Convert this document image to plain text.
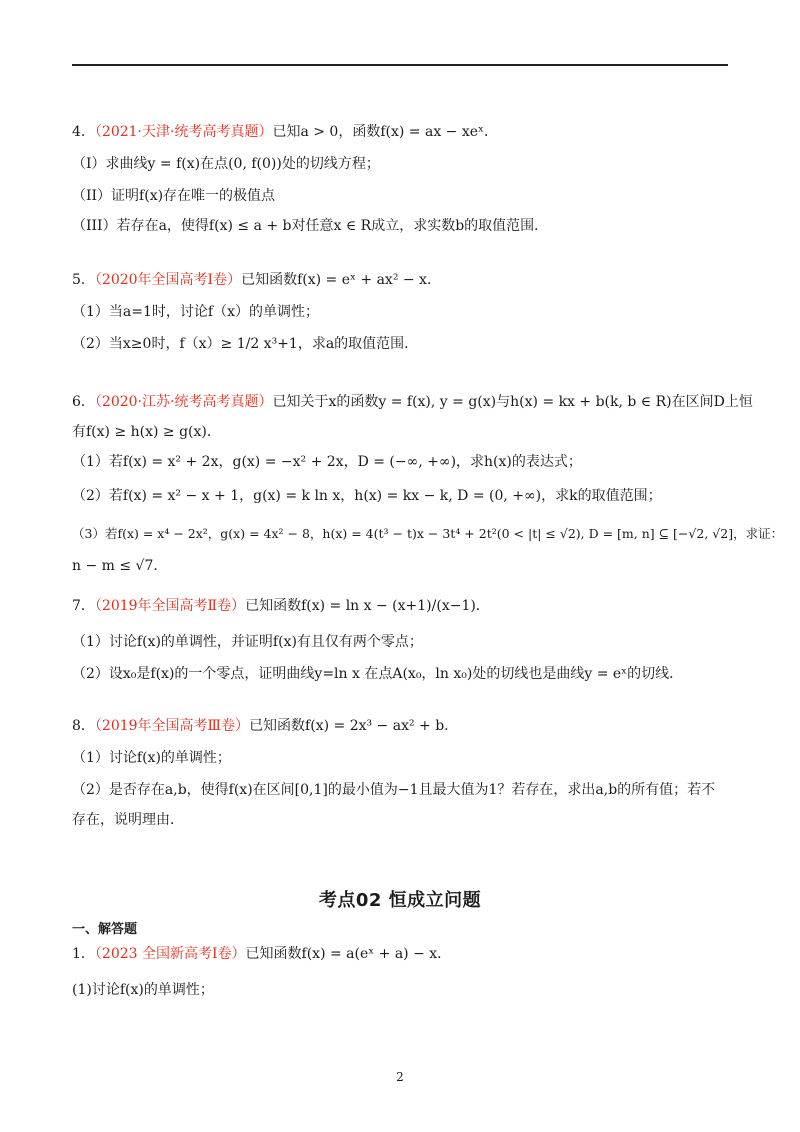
4．（2021·天津·统考高考真题）已知a > 0，函数f(x) = ax − xeˣ．
（I）求曲线y = f(x)在点(0, f(0))处的切线方程；
（II）证明f(x)存在唯一的极值点
（III）若存在a，使得f(x) ≤ a + b对任意x ∈ R成立，求实数b的取值范围．
5．（2020年全国高考Ⅰ卷）已知函数f(x) = eˣ + ax² − x．
（1）当a=1时，讨论f（x）的单调性；
（2）当x≥0时，f（x）≥ 1/2 x³+1，求a的取值范围．
6．（2020·江苏·统考高考真题）已知关于x的函数y = f(x), y = g(x)与h(x) = kx + b(k, b ∈ R)在区间D上恒
有f(x) ≥ h(x) ≥ g(x)．
（1）若f(x) = x² + 2x，g(x) = −x² + 2x，D = (−∞, +∞)，求h(x)的表达式；
（2）若f(x) = x² − x + 1，g(x) = k ln x，h(x) = kx − k, D = (0, +∞)，求k的取值范围；
（3）若f(x) = x⁴ − 2x²，g(x) = 4x² − 8，h(x) = 4(t³ − t)x − 3t⁴ + 2t²(0 < |t| ≤ √2), D = [m, n] ⊆ [−√2, √2]，求证：
n − m ≤ √7．
7．（2019年全国高考Ⅱ卷）已知函数f(x) = ln x − (x+1)/(x−1)．
（1）讨论f(x)的单调性，并证明f(x)有且仅有两个零点；
（2）设x₀是f(x)的一个零点，证明曲线y=ln x 在点A(x₀，ln x₀)处的切线也是曲线y = eˣ的切线．
8．（2019年全国高考Ⅲ卷）已知函数f(x) = 2x³ − ax² + b．
（1）讨论f(x)的单调性；
（2）是否存在a,b，使得f(x)在区间[0,1]的最小值为−1且最大值为1？若存在，求出a,b的所有值；若不
存在，说明理由．
考点02 恒成立问题
一、解答题
1．（2023 全国新高考Ⅰ卷）已知函数f(x) = a(eˣ + a) − x．
(1)讨论f(x)的单调性；
2
